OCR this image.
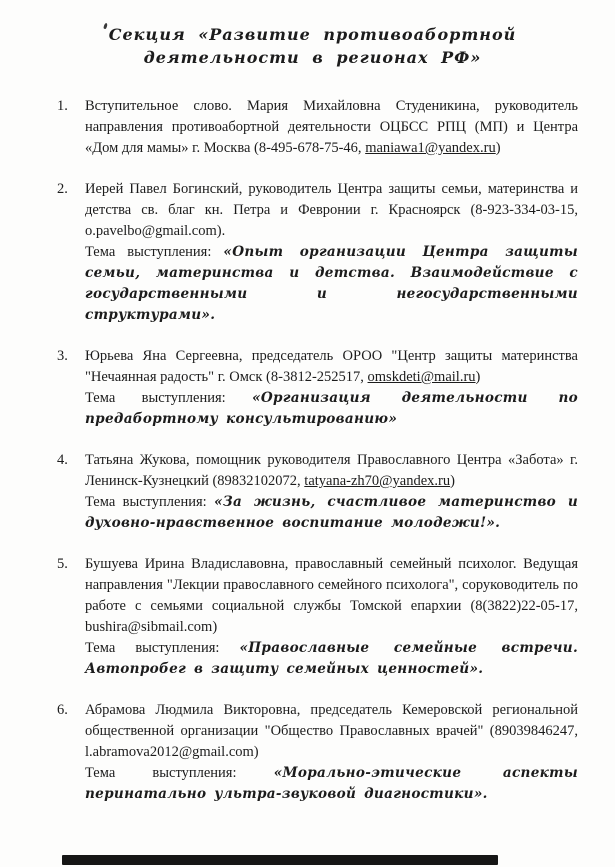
Секция «Развитие противоабортной
деятельности в регионах РФ»
1.	Вступительное слово. Мария Михайловна Студеникина, руководитель направления противоабортной деятельности ОЦБСС РПЦ (МП) и Центра «Дом для мамы» г. Москва (8-495-678-75-46, maniawa1@yandex.ru)

2.	Иерей Павел Богинский, руководитель Центра защиты семьи, материнства и детства св. благ кн. Петра и Февронии г. Красноярск (8-923-334-03-15, o.pavelbo@gmail.com).

Тема выступления: «Опыт организации Центра защиты семьи, материнства и детства. Взаимодействие с государственными и негосударственными структурами».

3.	Юрьева Яна Сергеевна, председатель ОРОО "Центр защиты материнства "Нечаянная радость" г. Омск (8-3812-252517, omskdeti@mail.ru)

Тема выступления: «Организация деятельности по предабортному консультированию»

4.	Татьяна Жукова, помощник руководителя Православного Центра «Забота» г. Ленинск-Кузнецкий (89832102072, tatyana-zh70@yandex.ru)

Тема выступления: «За жизнь, счастливое материнство и духовно-нравственное воспитание молодежи!».

5.	Бушуева Ирина Владиславовна, православный семейный психолог. Ведущая направления "Лекции православного семейного психолога", соруководитель по работе с семьями социальной службы Томской епархии (8(3822)22-05-17, bushira@sibmail.com)

Тема выступления: «Православные семейные встречи. Автопробег в защиту семейных ценностей».

6.	Абрамова Людмила Викторовна, председатель Кемеровской региональной общественной организации "Общество Православных врачей" (89039846247, l.abramova2012@gmail.com)

Тема выступления:	«Морально-этические аспекты перинатально ультра-звуковой диагностики».
